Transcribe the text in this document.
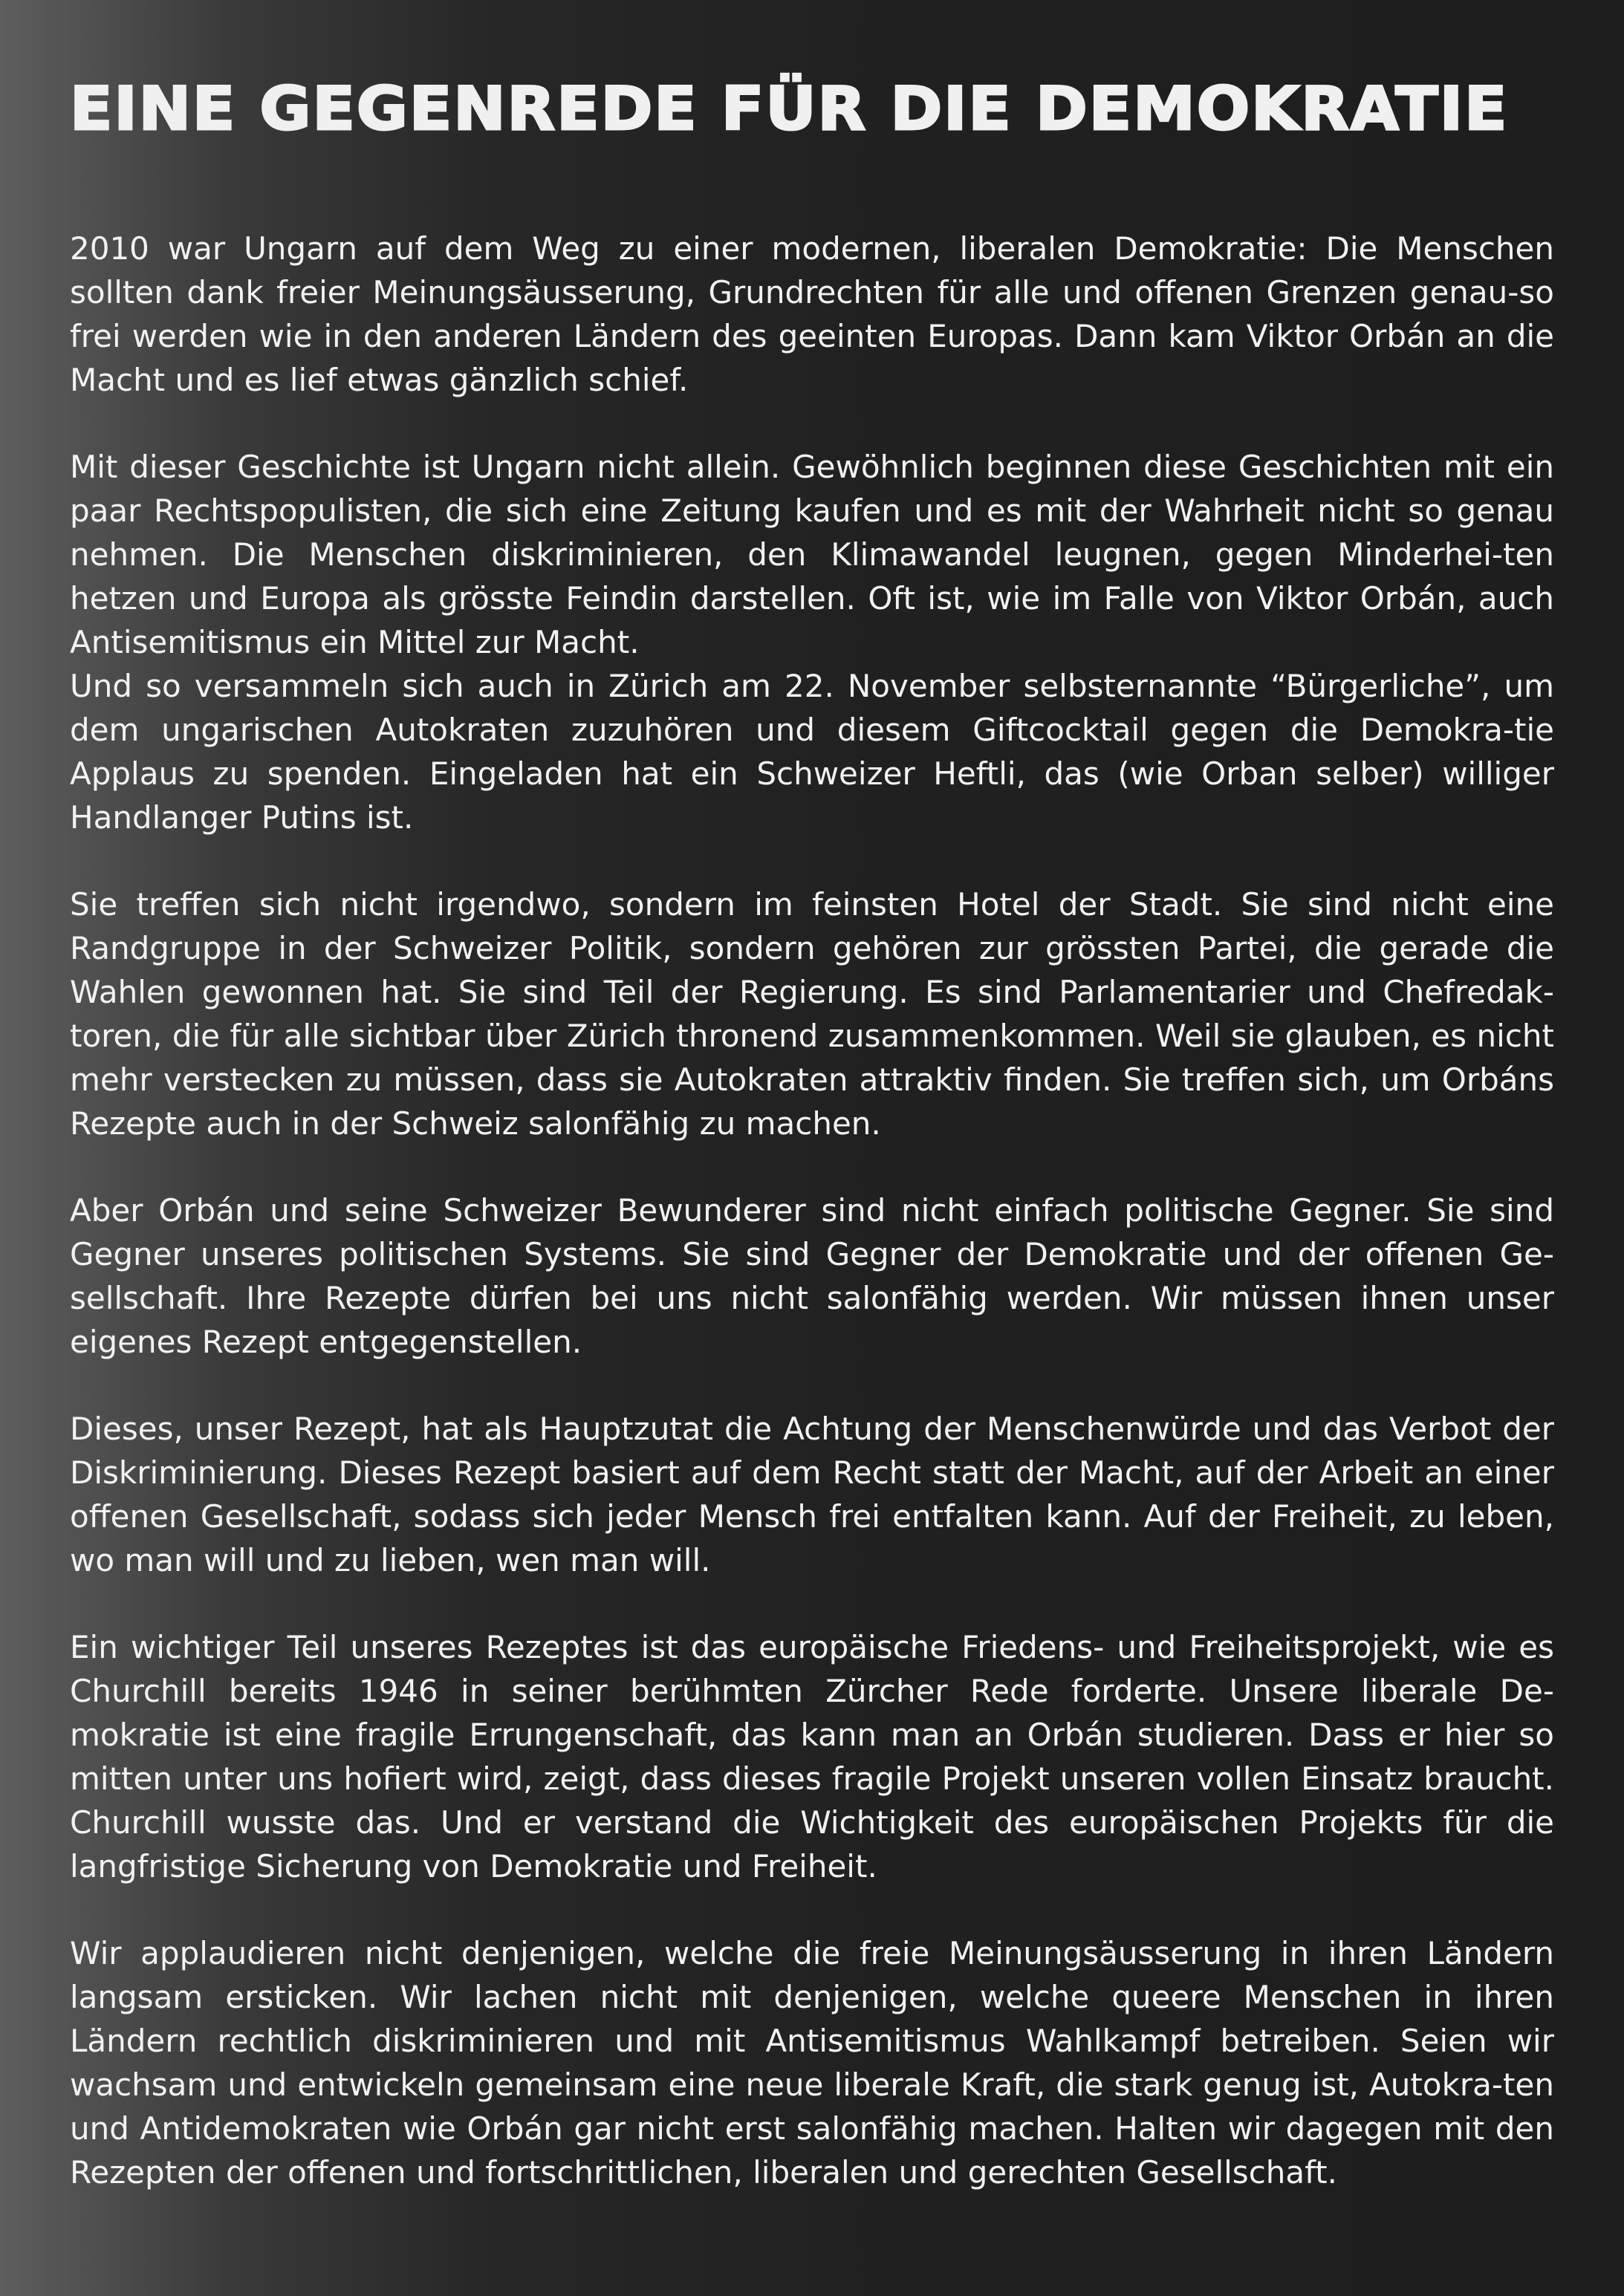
EINE GEGENREDE FÜR DIE DEMOKRATIE

2010 war Ungarn auf dem Weg zu einer modernen, liberalen Demokratie: Die Menschen sollten dank freier Meinungsäusserung, Grundrechten für alle und offenen Grenzen genau-so frei werden wie in den anderen Ländern des geeinten Europas. Dann kam Viktor Orbán an die Macht und es lief etwas gänzlich schief.

Mit dieser Geschichte ist Ungarn nicht allein. Gewöhnlich beginnen diese Geschichten mit ein paar Rechtspopulisten, die sich eine Zeitung kaufen und es mit der Wahrheit nicht so genau nehmen. Die Menschen diskriminieren, den Klimawandel leugnen, gegen Minderhei-ten hetzen und Europa als grösste Feindin darstellen. Oft ist, wie im Falle von Viktor Orbán, auch Antisemitismus ein Mittel zur Macht.
Und so versammeln sich auch in Zürich am 22. November selbsternannte “Bürgerliche”, um dem ungarischen Autokraten zuzuhören und diesem Giftcocktail gegen die Demokra-tie Applaus zu spenden. Eingeladen hat ein Schweizer Heftli, das (wie Orban selber) williger Handlanger Putins ist.

Sie treffen sich nicht irgendwo, sondern im feinsten Hotel der Stadt. Sie sind nicht eine Randgruppe in der Schweizer Politik, sondern gehören zur grössten Partei, die gerade die Wahlen gewonnen hat. Sie sind Teil der Regierung. Es sind Parlamentarier und Chefredak-toren, die für alle sichtbar über Zürich thronend zusammenkommen. Weil sie glauben, es nicht mehr verstecken zu müssen, dass sie Autokraten attraktiv finden. Sie treffen sich, um Orbáns Rezepte auch in der Schweiz salonfähig zu machen.

Aber Orbán und seine Schweizer Bewunderer sind nicht einfach politische Gegner. Sie sind Gegner unseres politischen Systems. Sie sind Gegner der Demokratie und der offenen Ge-sellschaft. Ihre Rezepte dürfen bei uns nicht salonfähig werden. Wir müssen ihnen unser eigenes Rezept entgegenstellen.

Dieses, unser Rezept, hat als Hauptzutat die Achtung der Menschenwürde und das Verbot der Diskriminierung. Dieses Rezept basiert auf dem Recht statt der Macht, auf der Arbeit an einer offenen Gesellschaft, sodass sich jeder Mensch frei entfalten kann. Auf der Freiheit, zu leben, wo man will und zu lieben, wen man will.

Ein wichtiger Teil unseres Rezeptes ist das europäische Friedens- und Freiheitsprojekt, wie es Churchill bereits 1946 in seiner berühmten Zürcher Rede forderte. Unsere liberale De-mokratie ist eine fragile Errungenschaft, das kann man an Orbán studieren. Dass er hier so mitten unter uns hofiert wird, zeigt, dass dieses fragile Projekt unseren vollen Einsatz braucht. Churchill wusste das. Und er verstand die Wichtigkeit des europäischen Projekts für die langfristige Sicherung von Demokratie und Freiheit.

Wir applaudieren nicht denjenigen, welche die freie Meinungsäusserung in ihren Ländern langsam ersticken. Wir lachen nicht mit denjenigen, welche queere Menschen in ihren Ländern rechtlich diskriminieren und mit Antisemitismus Wahlkampf betreiben. Seien wir wachsam und entwickeln gemeinsam eine neue liberale Kraft, die stark genug ist, Autokra-ten und Antidemokraten wie Orbán gar nicht erst salonfähig machen. Halten wir dagegen mit den Rezepten der offenen und fortschrittlichen, liberalen und gerechten Gesellschaft.
